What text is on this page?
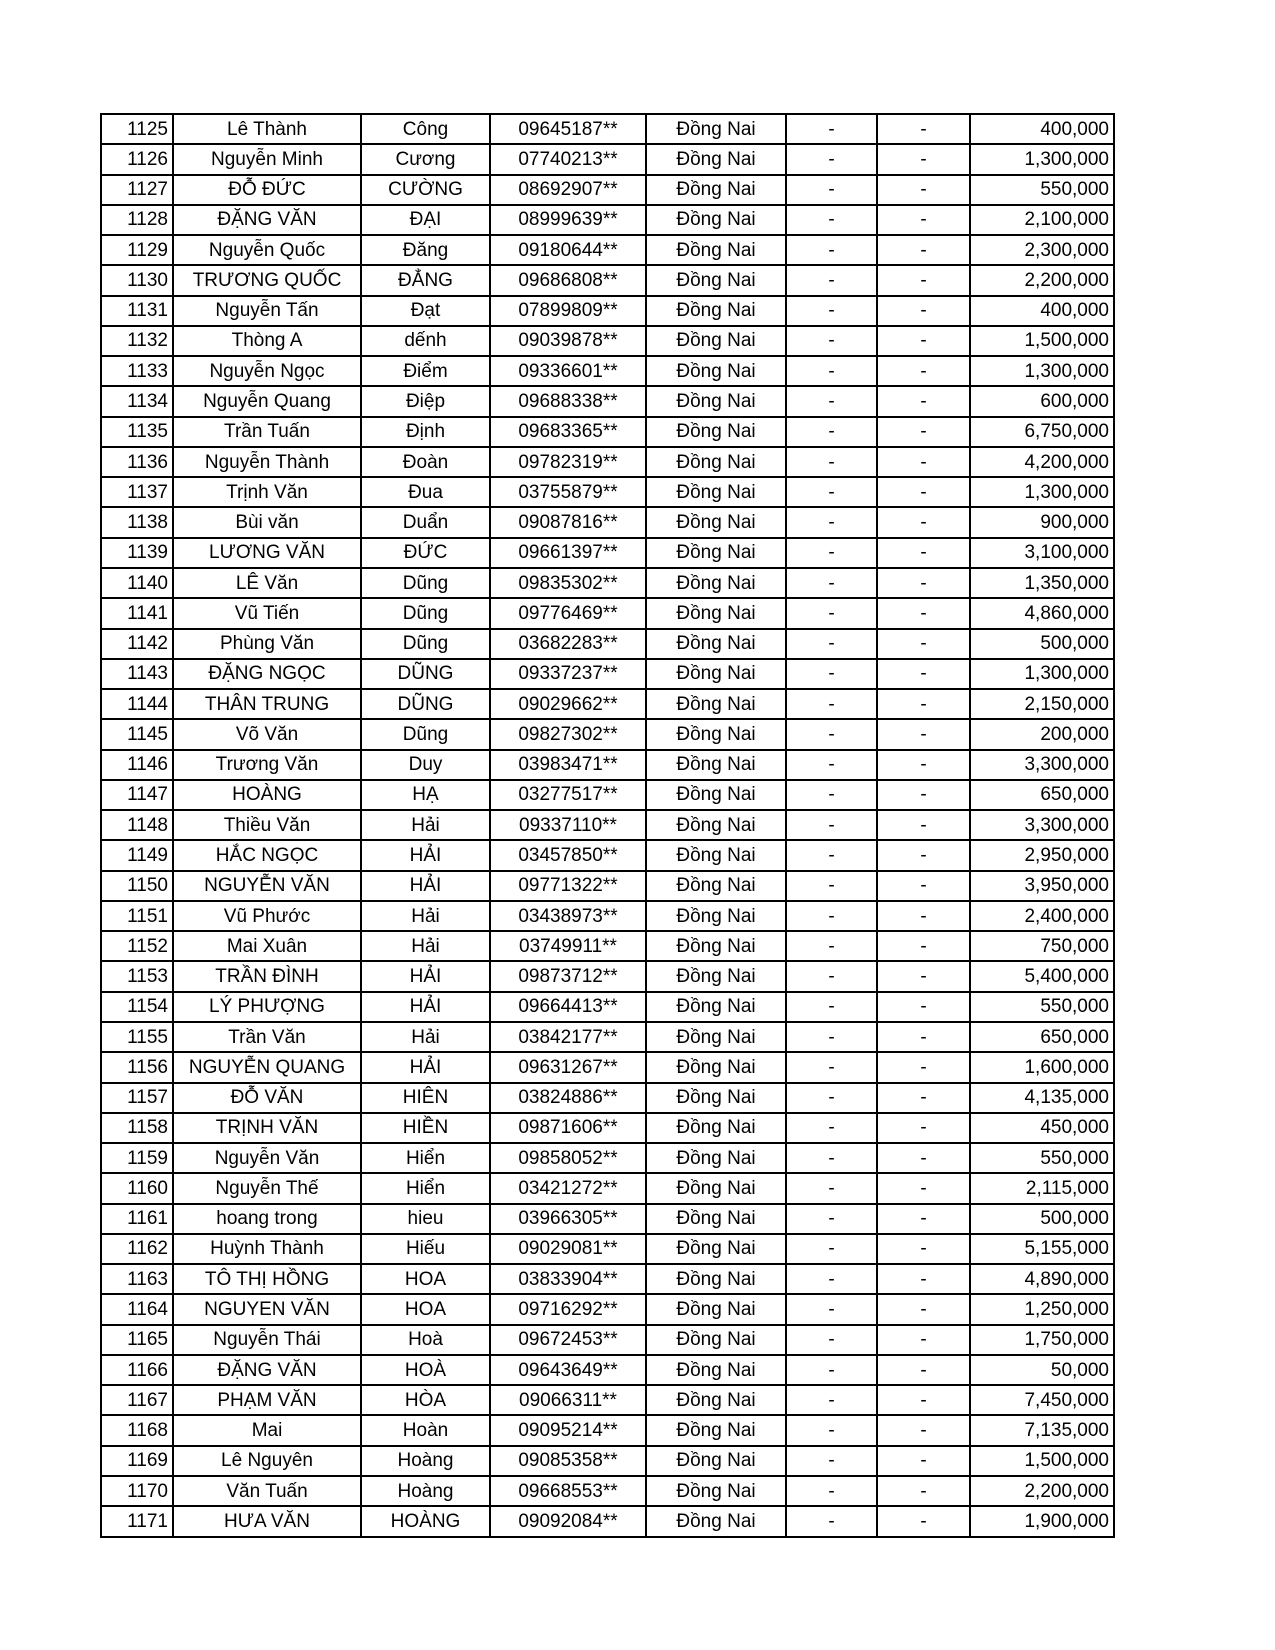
1125	Lê Thành	Công	09645187**	Đồng Nai	-	-	400,000
1126	Nguyễn Minh	Cương	07740213**	Đồng Nai	-	-	1,300,000
1127	ĐỖ ĐỨC	CƯỜNG	08692907**	Đồng Nai	-	-	550,000
1128	ĐẶNG VĂN	ĐẠI	08999639**	Đồng Nai	-	-	2,100,000
1129	Nguyễn Quốc	Đăng	09180644**	Đồng Nai	-	-	2,300,000
1130	TRƯƠNG QUỐC	ĐẲNG	09686808**	Đồng Nai	-	-	2,200,000
1131	Nguyễn Tấn	Đạt	07899809**	Đồng Nai	-	-	400,000
1132	Thòng A	dếnh	09039878**	Đồng Nai	-	-	1,500,000
1133	Nguyễn Ngọc	Điểm	09336601**	Đồng Nai	-	-	1,300,000
1134	Nguyễn Quang	Điệp	09688338**	Đồng Nai	-	-	600,000
1135	Trần Tuấn	Định	09683365**	Đồng Nai	-	-	6,750,000
1136	Nguyễn Thành	Đoàn	09782319**	Đồng Nai	-	-	4,200,000
1137	Trịnh Văn	Đua	03755879**	Đồng Nai	-	-	1,300,000
1138	Bùi văn	Duẩn	09087816**	Đồng Nai	-	-	900,000
1139	LƯƠNG VĂN	ĐỨC	09661397**	Đồng Nai	-	-	3,100,000
1140	LÊ Văn	Dũng	09835302**	Đồng Nai	-	-	1,350,000
1141	Vũ Tiến	Dũng	09776469**	Đồng Nai	-	-	4,860,000
1142	Phùng Văn	Dũng	03682283**	Đồng Nai	-	-	500,000
1143	ĐẶNG NGỌC	DŨNG	09337237**	Đồng Nai	-	-	1,300,000
1144	THÂN TRUNG	DŨNG	09029662**	Đồng Nai	-	-	2,150,000
1145	Võ Văn	Dũng	09827302**	Đồng Nai	-	-	200,000
1146	Trương Văn	Duy	03983471**	Đồng Nai	-	-	3,300,000
1147	HOÀNG	HẠ	03277517**	Đồng Nai	-	-	650,000
1148	Thiều Văn	Hải	09337110**	Đồng Nai	-	-	3,300,000
1149	HẮC NGỌC	HẢI	03457850**	Đồng Nai	-	-	2,950,000
1150	NGUYỄN VĂN	HẢI	09771322**	Đồng Nai	-	-	3,950,000
1151	Vũ Phước	Hải	03438973**	Đồng Nai	-	-	2,400,000
1152	Mai Xuân	Hải	03749911**	Đồng Nai	-	-	750,000
1153	TRẦN ĐÌNH	HẢI	09873712**	Đồng Nai	-	-	5,400,000
1154	LÝ PHƯỢNG	HẢI	09664413**	Đồng Nai	-	-	550,000
1155	Trần Văn	Hải	03842177**	Đồng Nai	-	-	650,000
1156	NGUYỄN QUANG	HẢI	09631267**	Đồng Nai	-	-	1,600,000
1157	ĐỖ VĂN	HIÊN	03824886**	Đồng Nai	-	-	4,135,000
1158	TRỊNH VĂN	HIỀN	09871606**	Đồng Nai	-	-	450,000
1159	Nguyễn Văn	Hiển	09858052**	Đồng Nai	-	-	550,000
1160	Nguyễn Thế	Hiển	03421272**	Đồng Nai	-	-	2,115,000
1161	hoang trong	hieu	03966305**	Đồng Nai	-	-	500,000
1162	Huỳnh Thành	Hiếu	09029081**	Đồng Nai	-	-	5,155,000
1163	TÔ THỊ HỒNG	HOA	03833904**	Đồng Nai	-	-	4,890,000
1164	NGUYEN VĂN	HOA	09716292**	Đồng Nai	-	-	1,250,000
1165	Nguyễn Thái	Hoà	09672453**	Đồng Nai	-	-	1,750,000
1166	ĐẶNG VĂN	HOÀ	09643649**	Đồng Nai	-	-	50,000
1167	PHẠM VĂN	HÒA	09066311**	Đồng Nai	-	-	7,450,000
1168	Mai	Hoàn	09095214**	Đồng Nai	-	-	7,135,000
1169	Lê Nguyên	Hoàng	09085358**	Đồng Nai	-	-	1,500,000
1170	Văn Tuấn	Hoàng	09668553**	Đồng Nai	-	-	2,200,000
1171	HƯA VĂN	HOÀNG	09092084**	Đồng Nai	-	-	1,900,000
